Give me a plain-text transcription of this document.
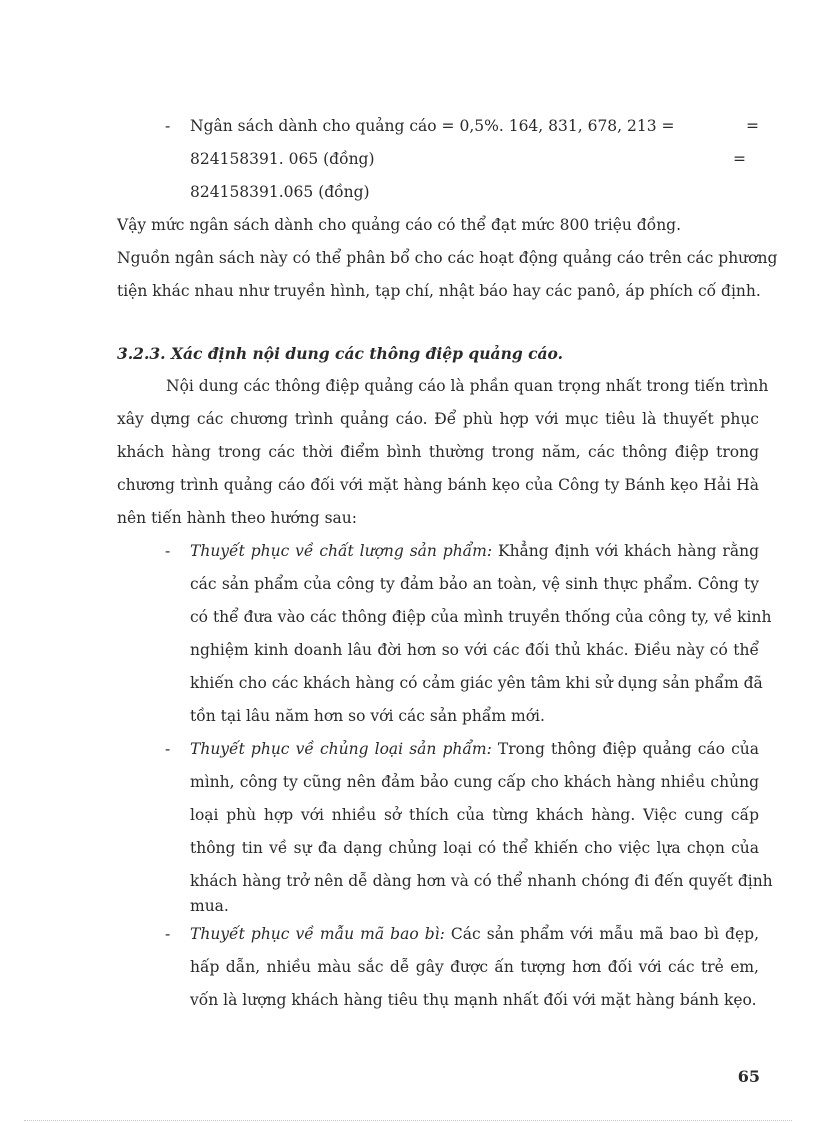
-	Ngân sách dành cho quảng cáo = 0,5%. 164, 831, 678, 213 =	=
824158391. 065 (đồng)	=
824158391.065 (đồng)
Vậy mức ngân sách dành cho quảng cáo có thể đạt mức 800 triệu đồng.
Nguồn ngân sách này có thể phân bổ cho các hoạt động quảng cáo trên các phương
tiện khác nhau như truyền hình, tạp chí, nhật báo hay các panô, áp phích cố định.
3.2.3. Xác định nội dung các thông điệp quảng cáo.
Nội dung các thông điệp quảng cáo là phần quan trọng nhất trong tiến trình
xây dựng các chương trình quảng cáo. Để phù hợp với mục tiêu là thuyết phục
khách hàng trong các thời điểm bình thường trong năm, các thông điệp trong
chương trình quảng cáo đối với mặt hàng bánh kẹo của Công ty Bánh kẹo Hải Hà
nên tiến hành theo hướng sau:
-	Thuyết phục về chất lượng sản phẩm: Khẳng định với khách hàng rằng
các sản phẩm của công ty đảm bảo an toàn, vệ sinh thực phẩm. Công ty
có thể đưa vào các thông điệp của mình truyền thống của công ty, về kinh
nghiệm kinh doanh lâu đời hơn so với các đối thủ khác. Điều này có thể
khiến cho các khách hàng có cảm giác yên tâm khi sử dụng sản phẩm đã
tồn tại lâu năm hơn so với các sản phẩm mới.
-	Thuyết phục về chủng loại sản phẩm: Trong thông điệp quảng cáo của
mình, công ty cũng nên đảm bảo cung cấp cho khách hàng nhiều chủng
loại phù hợp với nhiều sở thích của từng khách hàng. Việc cung cấp
thông tin về sự đa dạng chủng loại có thể khiến cho việc lựa chọn của
khách hàng trở nên dễ dàng hơn và có thể nhanh chóng đi đến quyết định
mua.
-	Thuyết phục về mẫu mã bao bì: Các sản phẩm với mẫu mã bao bì đẹp,
hấp dẫn, nhiều màu sắc dễ gây được ấn tượng hơn đối với các trẻ em,
vốn là lượng khách hàng tiêu thụ mạnh nhất đối với mặt hàng bánh kẹo.
65
